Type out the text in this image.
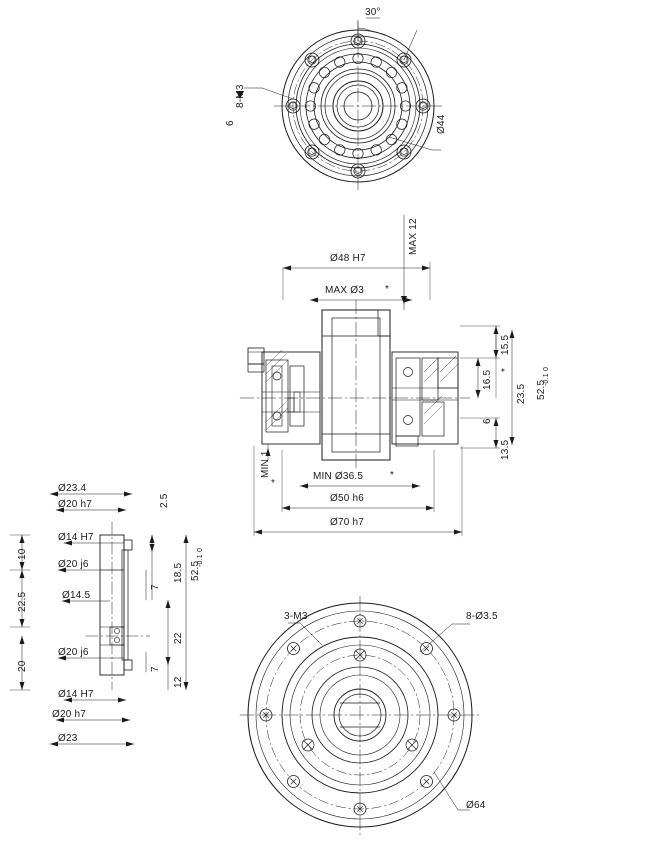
30°
8-M3
6	Ø44
MAX 12
Ø48 H7
MAX Ø3 *
MIN 1
*
MIN Ø36.5	*
Ø50 h6
Ø70 h7
15.5
*
16.5
23.5
6
13.5
52.5
0
-0.1
Ø23.4
Ø20 h7
Ø14 H7
Ø20 j6
Ø14.5
Ø20 j6
Ø14 H7
Ø20 h7
Ø23
10
22.5
20
2.5
18.5
7
22
7
12
52.5
0
-0.1
3-M3	8-Ø3.5
Ø64
